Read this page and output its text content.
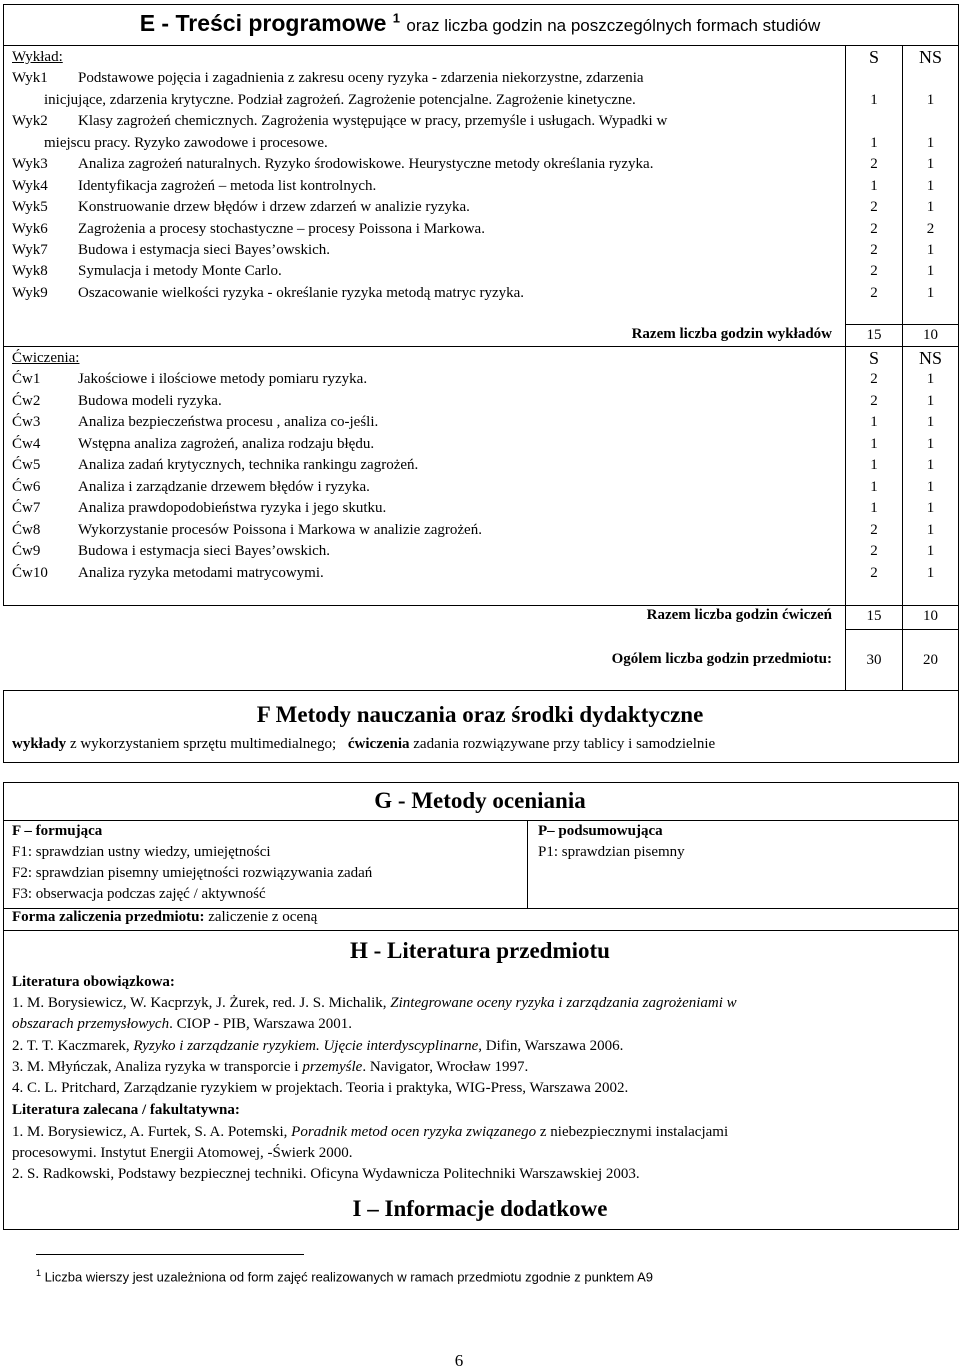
E - Treści programowe $^1$ oraz liczba godzin na poszczególnych formach studiów
Wykład:	S	NS
Wyk1 Podstawowe pojęcia i zagadnienia z zakresu oceny ryzyka - zdarzenia niekorzystne, zdarzenia
inicjujące, zdarzenia krytyczne. Podział zagrożeń. Zagrożenie potencjalne. Zagrożenie kinetyczne.	1	1
Wyk2 Klasy zagrożeń chemicznych. Zagrożenia występujące w pracy, przemyśle i usługach. Wypadki w
miejscu pracy. Ryzyko zawodowe i procesowe.	1	1
Wyk3 Analiza zagrożeń naturalnych. Ryzyko środowiskowe. Heurystyczne metody określania ryzyka.	2	1
Wyk4 Identyfikacja zagrożeń – metoda list kontrolnych.	1	1
Wyk5 Konstruowanie drzew błędów i drzew zdarzeń w analizie ryzyka.	2	1
Wyk6 Zagrożenia a procesy stochastyczne – procesy Poissona i Markowa.	2	2
Wyk7 Budowa i estymacja sieci Bayes’owskich.	2	1
Wyk8 Symulacja i metody Monte Carlo.	2	1
Wyk9 Oszacowanie wielkości ryzyka - określanie ryzyka metodą matryc ryzyka.	2	1
Razem liczba godzin wykładów	15	10
Ćwiczenia:	S	NS
Ćw1	Jakościowe i ilościowe metody pomiaru ryzyka.	2	1
Ćw2	Budowa modeli ryzyka.	2	1
Ćw3	Analiza bezpieczeństwa procesu , analiza co-jeśli.	1	1
Ćw4	Wstępna analiza zagrożeń, analiza rodzaju błędu.	1	1
Ćw5	Analiza zadań krytycznych, technika rankingu zagrożeń.	1	1
Ćw6	Analiza i zarządzanie drzewem błędów i ryzyka.	1	1
Ćw7	Analiza prawdopodobieństwa ryzyka i jego skutku.	1	1
Ćw8	Wykorzystanie procesów Poissona i Markowa w analizie zagrożeń.	2	1
Ćw9	Budowa i estymacja sieci Bayes’owskich.	2	1
Ćw10 Analiza ryzyka metodami matrycowymi.	2	1
Razem liczba godzin ćwiczeń	15	10
Ogólem liczba godzin przedmiotu:	30	20
F Metody nauczania oraz środki dydaktyczne
wykłady z wykorzystaniem sprzętu multimedialnego; ćwiczenia zadania rozwiązywane przy tablicy i samodzielnie
G - Metody oceniania
F – formująca
F1: sprawdzian ustny wiedzy, umiejętności
F2: sprawdzian pisemny umiejętności rozwiązywania zadań
F3: obserwacja podczas zajęć / aktywność
P– podsumowująca
P1: sprawdzian pisemny
Forma zaliczenia przedmiotu: zaliczenie z oceną
H - Literatura przedmiotu
Literatura obowiązkowa:
1. M. Borysiewicz, W. Kacprzyk, J. Żurek, red. J. S. Michalik, Zintegrowane oceny ryzyka i zarządzania zagrożeniami w
obszarach przemysłowych. CIOP - PIB, Warszawa 2001.
2. T. T. Kaczmarek, Ryzyko i zarządzanie ryzykiem. Ujęcie interdyscyplinarne, Difin, Warszawa 2006.
3. M. Młyńczak, Analiza ryzyka w transporcie i przemyśle. Navigator, Wrocław 1997.
4. C. L. Pritchard, Zarządzanie ryzykiem w projektach. Teoria i praktyka, WIG-Press, Warszawa 2002.
Literatura zalecana / fakultatywna:
1. M. Borysiewicz, A. Furtek, S. A. Potemski, Poradnik metod ocen ryzyka związanego z niebezpiecznymi instalacjami
procesowymi. Instytut Energii Atomowej, -Świerk 2000.
2. S. Radkowski, Podstawy bezpiecznej techniki. Oficyna Wydawnicza Politechniki Warszawskiej 2003.
I – Informacje dodatkowe
$^1$ Liczba wierszy jest uzależniona od form zajęć realizowanych w ramach przedmiotu zgodnie z punktem A9
6
